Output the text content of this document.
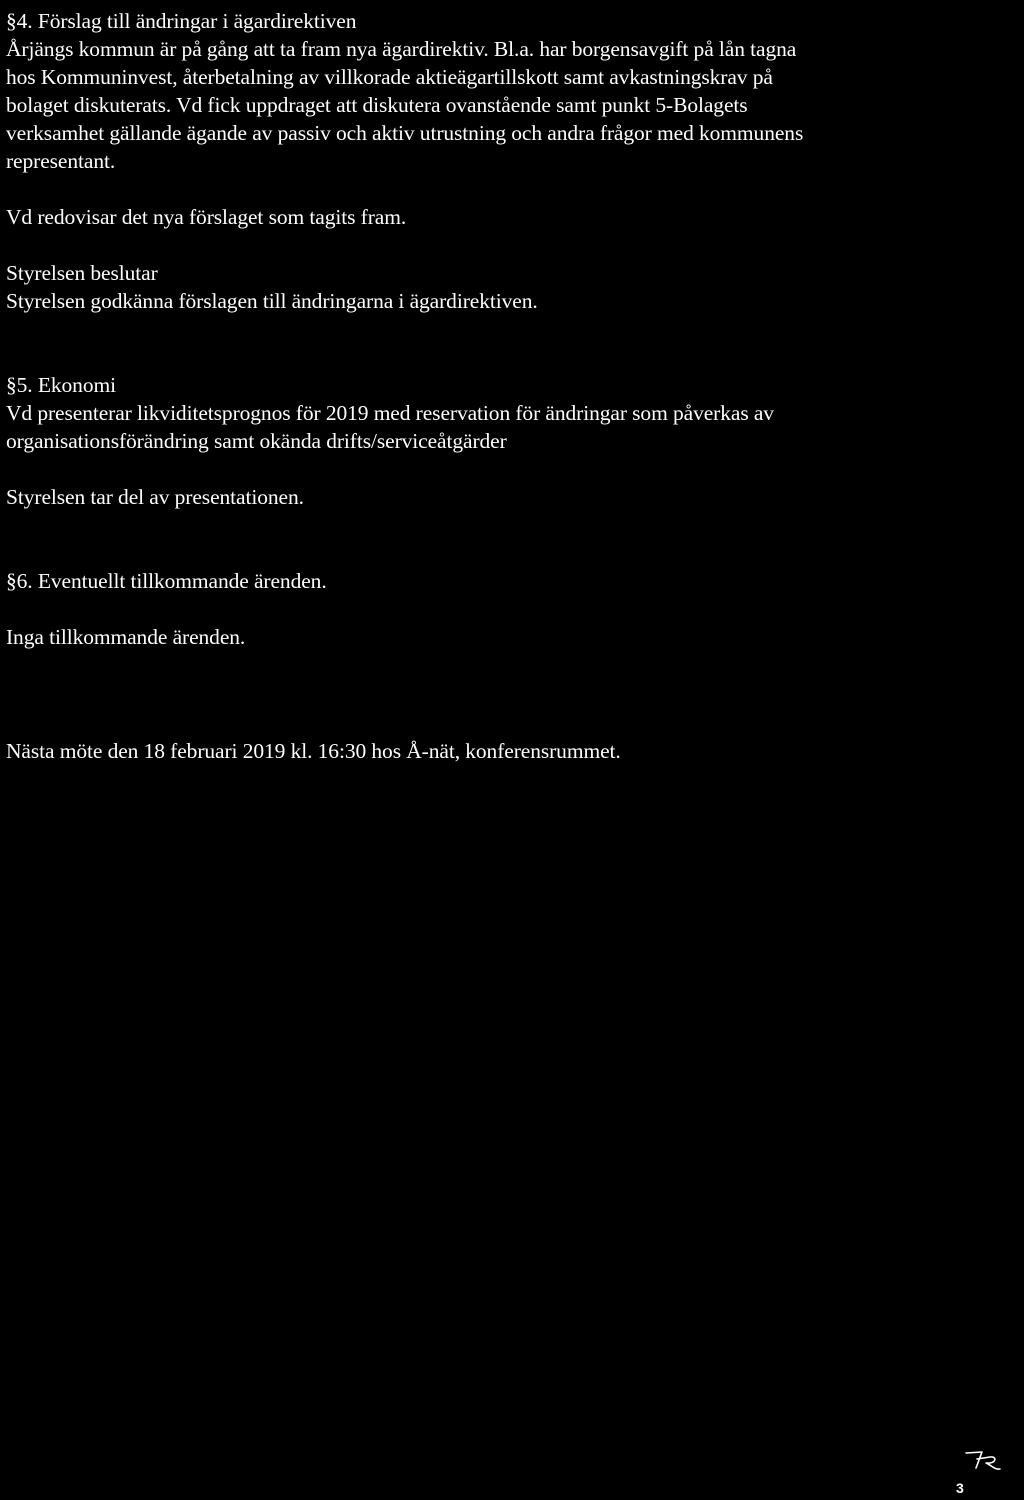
§4. Förslag till ändringar i ägardirektiven
Årjängs kommun är på gång att ta fram nya ägardirektiv. Bl.a. har borgensavgift på lån tagna
hos Kommuninvest, återbetalning av villkorade aktieägartillskott samt avkastningskrav på
bolaget diskuterats. Vd fick uppdraget att diskutera ovanstående samt punkt 5-Bolagets
verksamhet gällande ägande av passiv och aktiv utrustning och andra frågor med kommunens
representant.
Vd redovisar det nya förslaget som tagits fram.
Styrelsen beslutar
Styrelsen godkänna förslagen till ändringarna i ägardirektiven.
§5. Ekonomi
Vd presenterar likviditetsprognos för 2019 med reservation för ändringar som påverkas av
organisationsförändring samt okända drifts/serviceåtgärder
Styrelsen tar del av presentationen.
§6. Eventuellt tillkommande ärenden.
Inga tillkommande ärenden.
Nästa möte den 18 februari 2019 kl. 16:30 hos Å-nät, konferensrummet.
3
